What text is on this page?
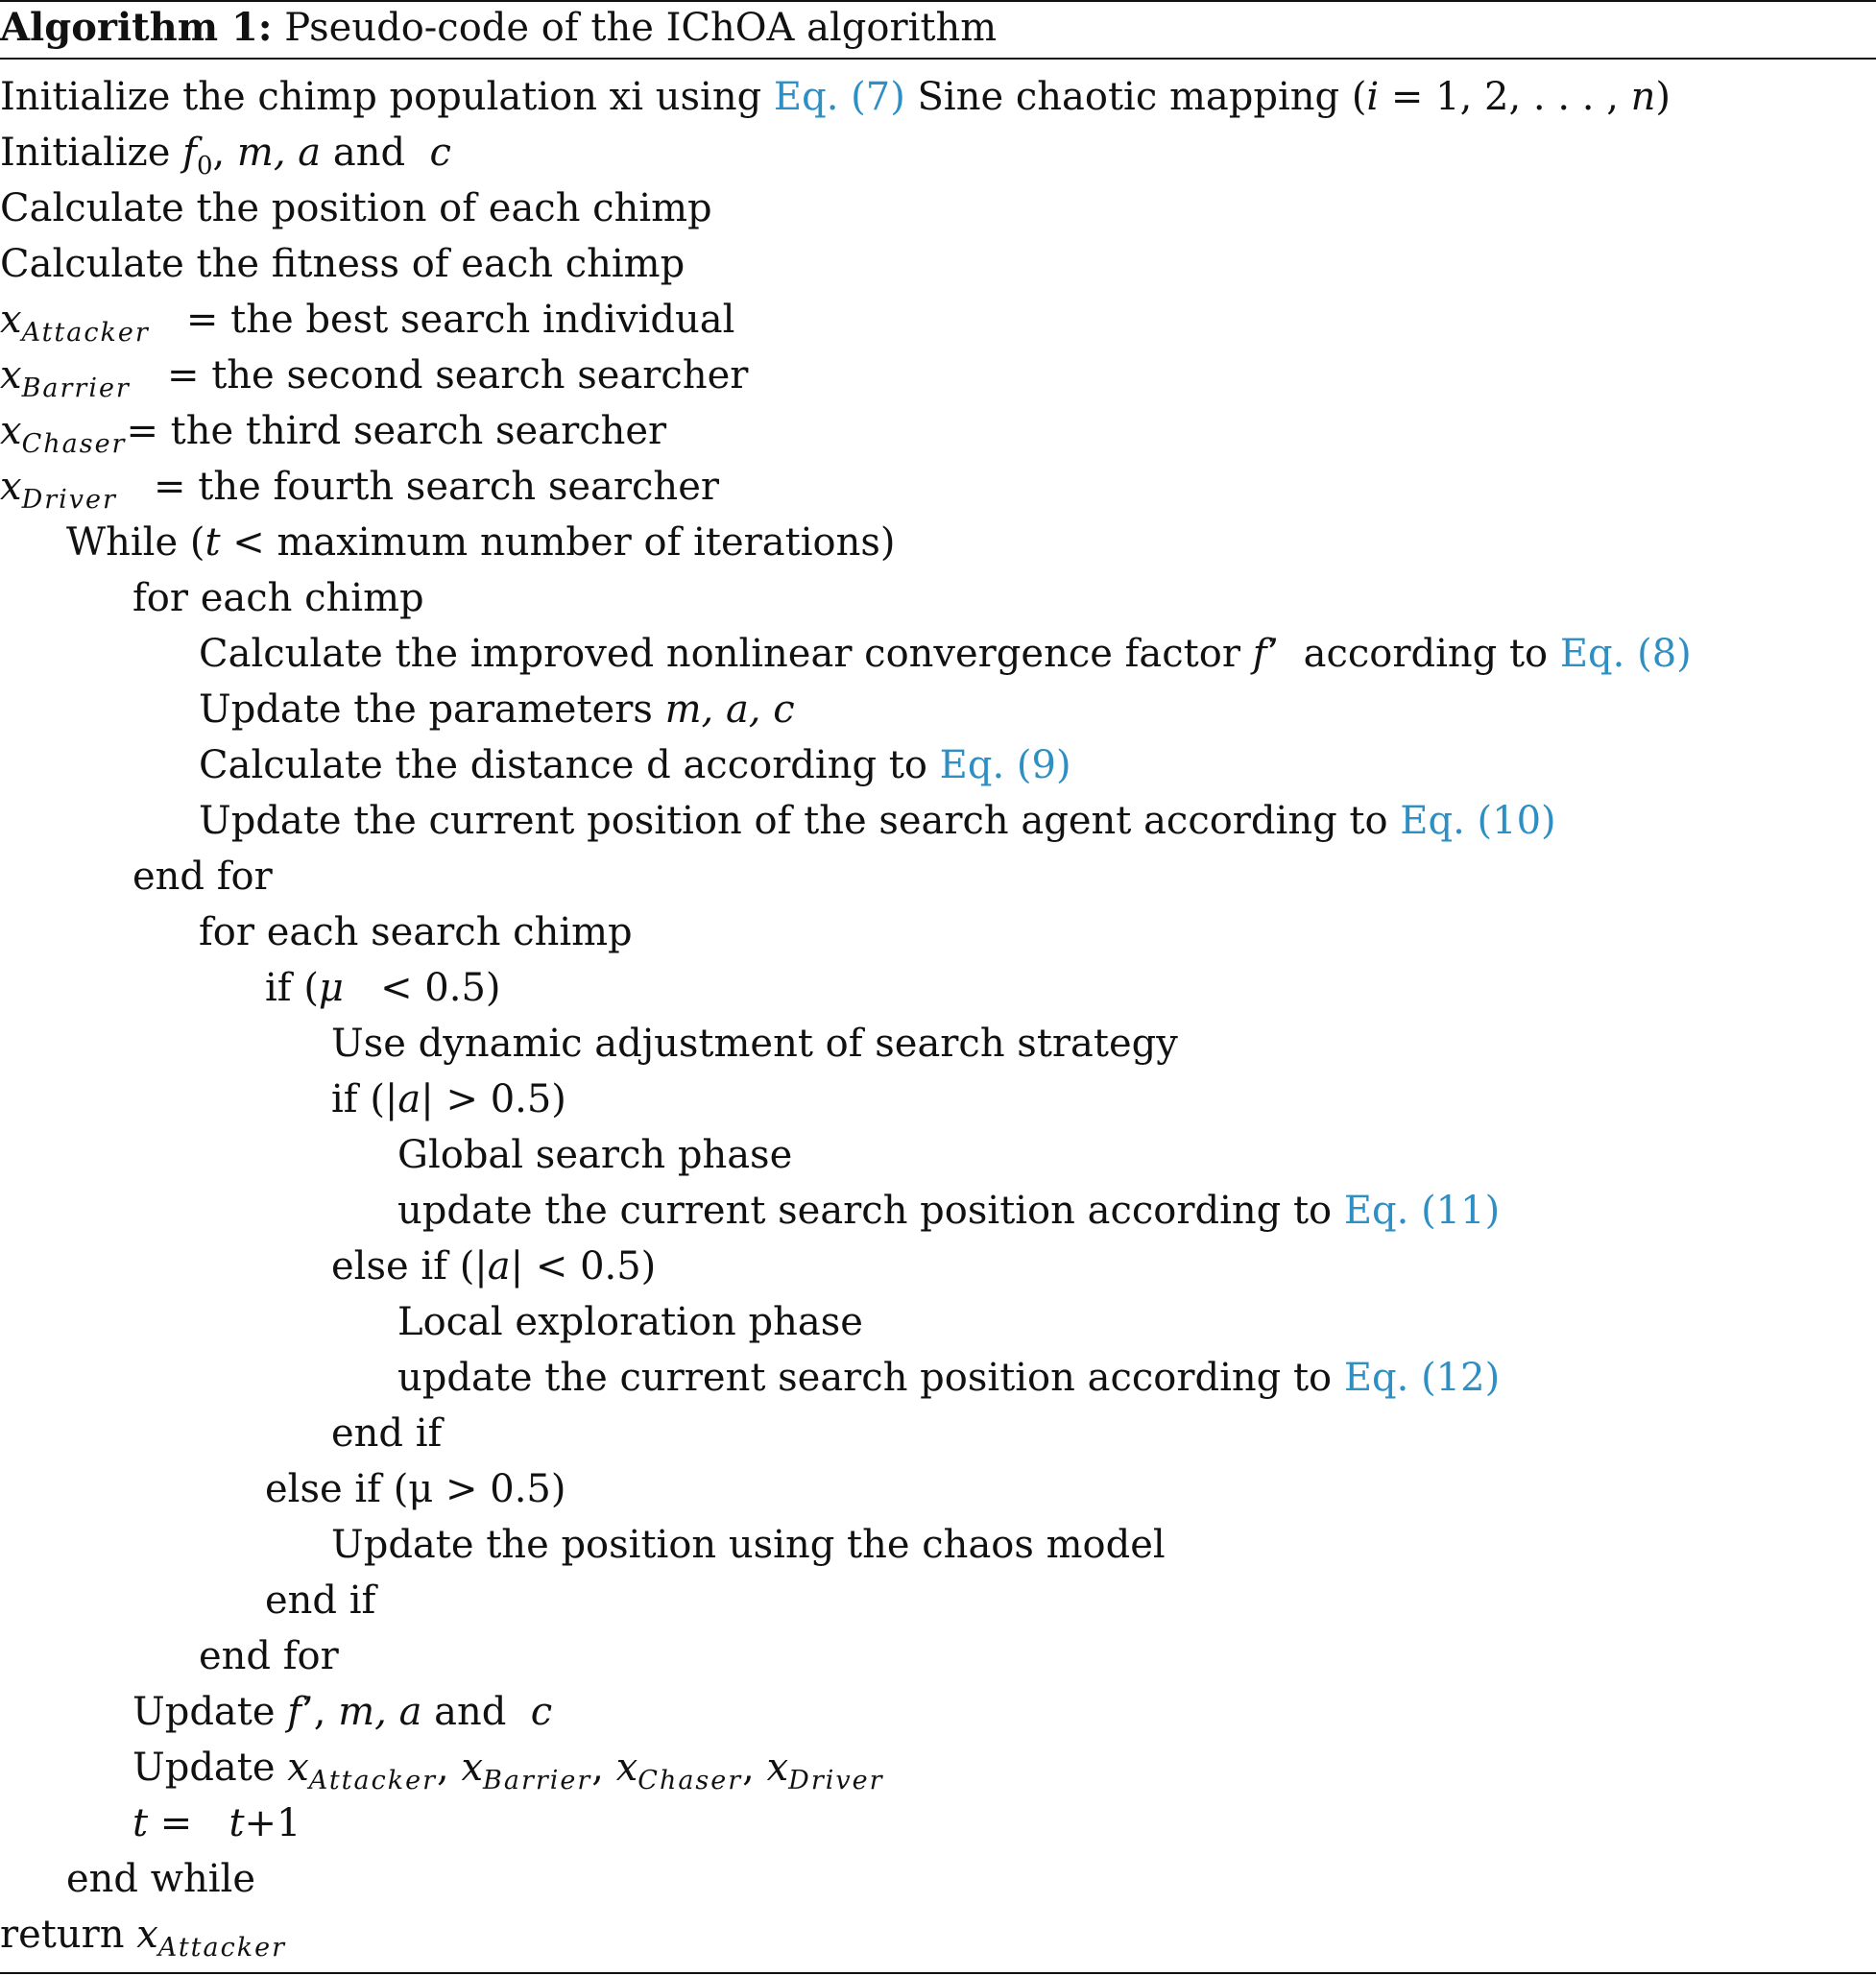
Algorithm 1: Pseudo-code of the IChOA algorithm
Initialize the chimp population xi using Eq. (7) Sine chaotic mapping (i = 1, 2, . . . , n)
Initialize $f_0$, m, a and  c
Calculate the position of each chimp
Calculate the fitness of each chimp
$x_{Attacker}$   = the best search individual
$x_{Barrier}$   = the second search searcher
$x_{Chaser}=$ the third search searcher
$x_{Driver}$   = the fourth search searcher
While (t < maximum number of iterations)
for each chimp
Calculate the improved nonlinear convergence factor f’  according to Eq. (8)
Update the parameters m, a, c
Calculate the distance d according to Eq. (9)
Update the current position of the search agent according to Eq. (10)
end for
for each search chimp
if (μ   < 0.5)
Use dynamic adjustment of search strategy
if (|a| > 0.5)
Global search phase
update the current search position according to Eq. (11)
else if (|a| < 0.5)
Local exploration phase
update the current search position according to Eq. (12)
end if
else if (μ > 0.5)
Update the position using the chaos model
end if
end for
Update f’, m, a and  c
Update $x_{Attacker}$, $x_{Barrier}$, $x_{Chaser}$, $x_{Driver}$
t =   t+1
end while
return $x_{Attacker}$
